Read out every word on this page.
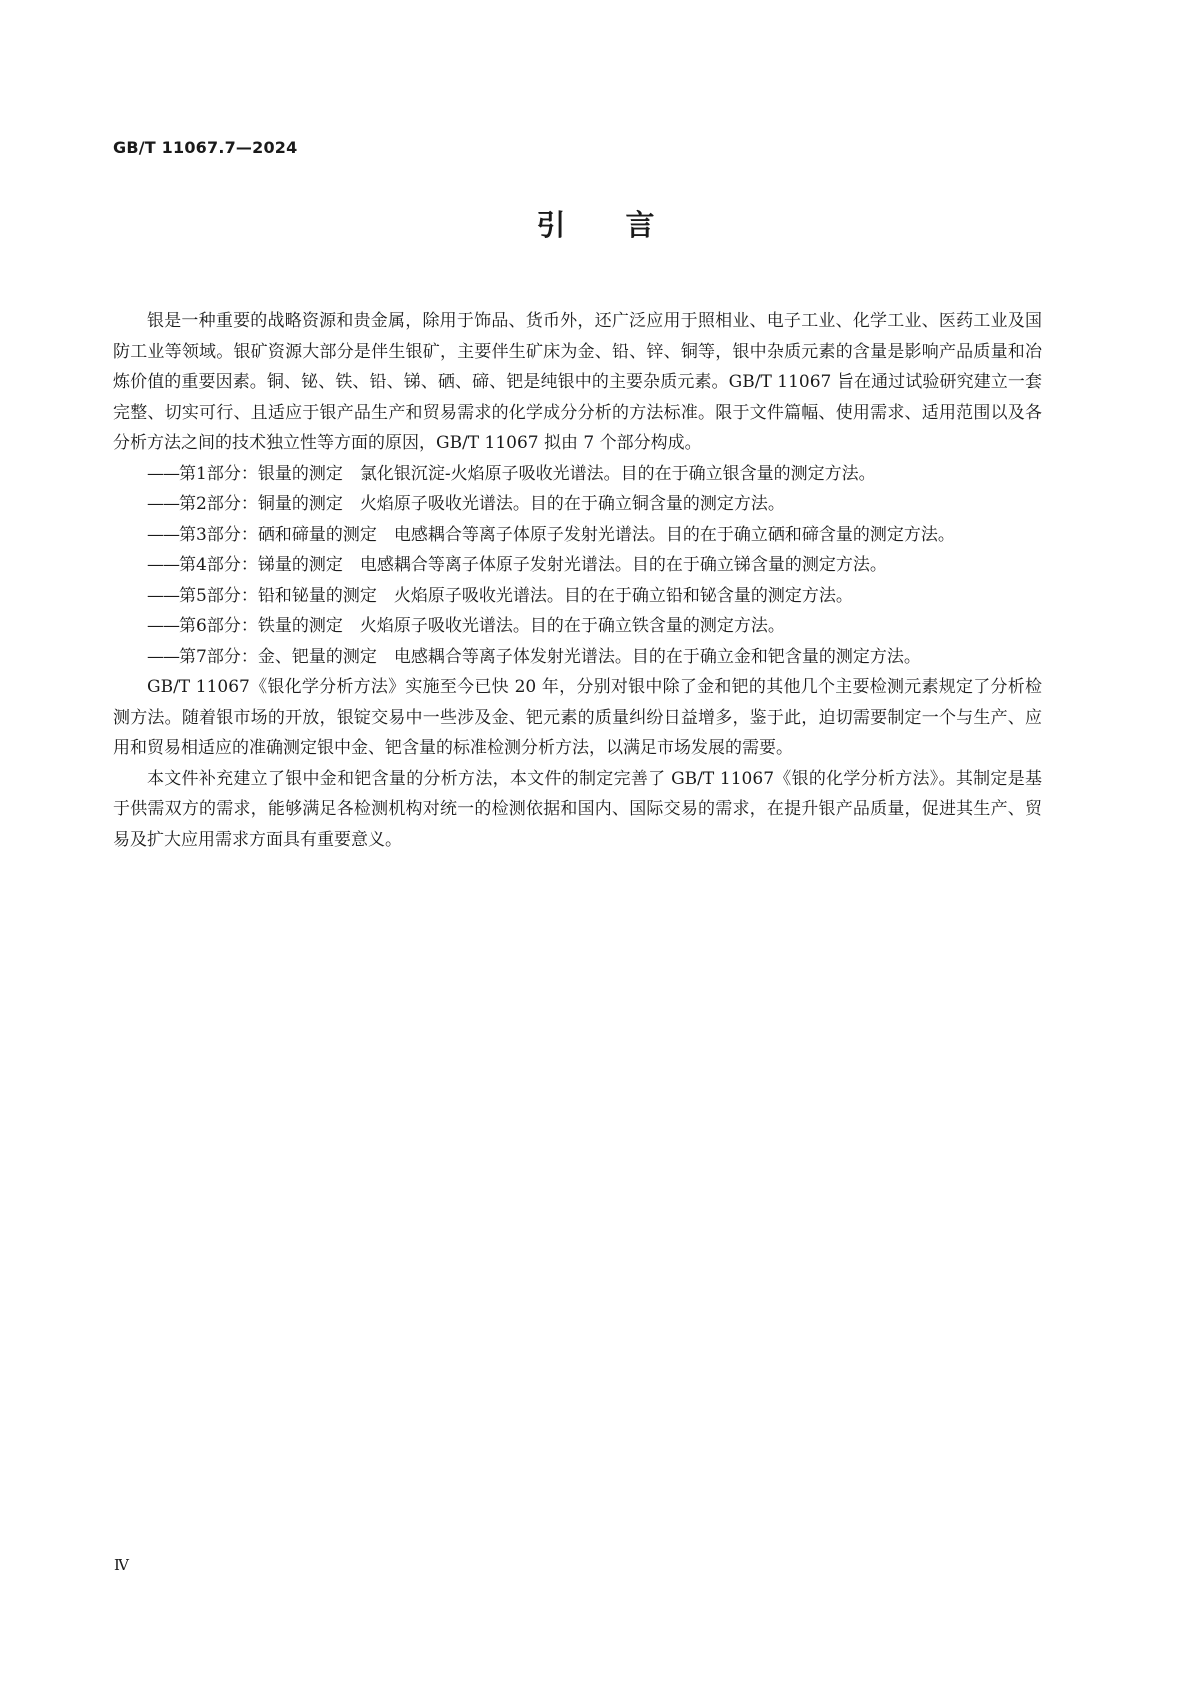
GB/T 11067.7—2024
引言

银是一种重要的战略资源和贵金属，除用于饰品、货币外，还广泛应用于照相业、电子工业、化学工业、医药工业及国防工业等领域。银矿资源大部分是伴生银矿，主要伴生矿床为金、铅、锌、铜等，银中杂质元素的含量是影响产品质量和冶炼价值的重要因素。铜、铋、铁、铅、锑、硒、碲、钯是纯银中的主要杂质元素。GB/T 11067 旨在通过试验研究建立一套完整、切实可行、且适应于银产品生产和贸易需求的化学成分分析的方法标准。限于文件篇幅、使用需求、适用范围以及各分析方法之间的技术独立性等方面的原因，GB/T 11067 拟由 7 个部分构成。

——第1部分：银量的测定 氯化银沉淀-火焰原子吸收光谱法。目的在于确立银含量的测定方法。

——第2部分：铜量的测定 火焰原子吸收光谱法。目的在于确立铜含量的测定方法。

——第3部分：硒和碲量的测定 电感耦合等离子体原子发射光谱法。目的在于确立硒和碲含量的测定方法。

——第4部分：锑量的测定 电感耦合等离子体原子发射光谱法。目的在于确立锑含量的测定方法。

——第5部分：铅和铋量的测定 火焰原子吸收光谱法。目的在于确立铅和铋含量的测定方法。

——第6部分：铁量的测定 火焰原子吸收光谱法。目的在于确立铁含量的测定方法。

——第7部分：金、钯量的测定 电感耦合等离子体发射光谱法。目的在于确立金和钯含量的测定方法。

GB/T 11067《银化学分析方法》实施至今已快 20 年，分别对银中除了金和钯的其他几个主要检测元素规定了分析检测方法。随着银市场的开放，银锭交易中一些涉及金、钯元素的质量纠纷日益增多，鉴于此，迫切需要制定一个与生产、应用和贸易相适应的准确测定银中金、钯含量的标准检测分析方法，以满足市场发展的需要。

本文件补充建立了银中金和钯含量的分析方法，本文件的制定完善了 GB/T 11067《银的化学分析方法》。其制定是基于供需双方的需求，能够满足各检测机构对统一的检测依据和国内、国际交易的需求，在提升银产品质量，促进其生产、贸易及扩大应用需求方面具有重要意义。

Ⅳ
